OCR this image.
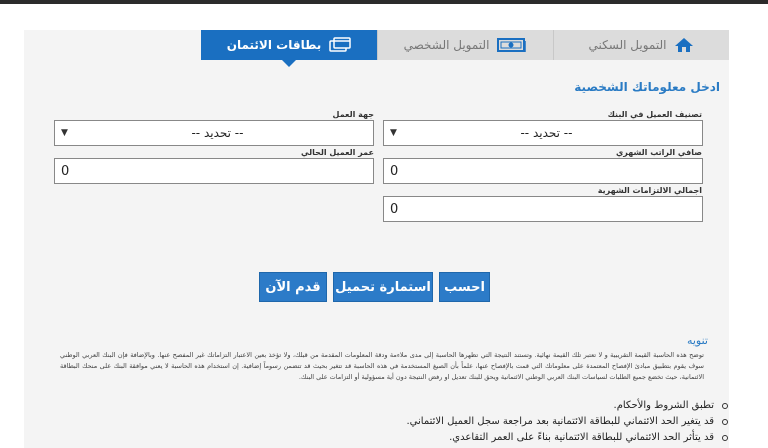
التمويل السكني
التمويل الشخصي
بطاقات الائتمان
ادخل معلوماتك الشخصية
تصنيف العميل في البنك
▼	-- تحديد --
صافي الراتب الشهري
0
اجمالي الالتزامات الشهرية
0
جهة العمل
▼	-- تحديد --
عمر العميل الحالي
0
احسب
استمارة تحميل
قدم الآن
تنويه
توضح هذه الحاسبة القيمة التقريبية و لا تعتبر تلك القيمة نهائية. وتستند النتيجة التي تظهرها الحاسبة إلى مدى ملاءمة ودقة المعلومات المقدمة من قبلك، ولا تؤخذ بعين الاعتبار التزاماتك غير المفصح عنها. وبالإضافة فإن البنك العربي الوطني سوف يقوم بتطبيق مبادئ الإفصاح المعتمدة على معلوماتك التي قمت بالإفصاح عنها، علماً بأن الصيغ المستخدمة في هذه الحاسبة قد تتغير بحيث قد تتضمن رسوماً إضافية. إن استخدام هذه الحاسبة لا يعني موافقة البنك على منحك البطاقة الائتمانية، حيث تخضع جميع الطلبات لسياسات البنك العربي الوطني الائتمانية ويحق للبنك تعديل او رفض النتيجة دون أية مسؤولية أو التزامات على البنك.
تطبق الشروط والأحكام.
قد يتغير الحد الائتماني للبطاقة الائتمانية بعد مراجعة سجل العميل الائتماني.
قد يتأثر الحد الائتماني للبطاقة الائتمانية بناءً على العمر التقاعدي.
